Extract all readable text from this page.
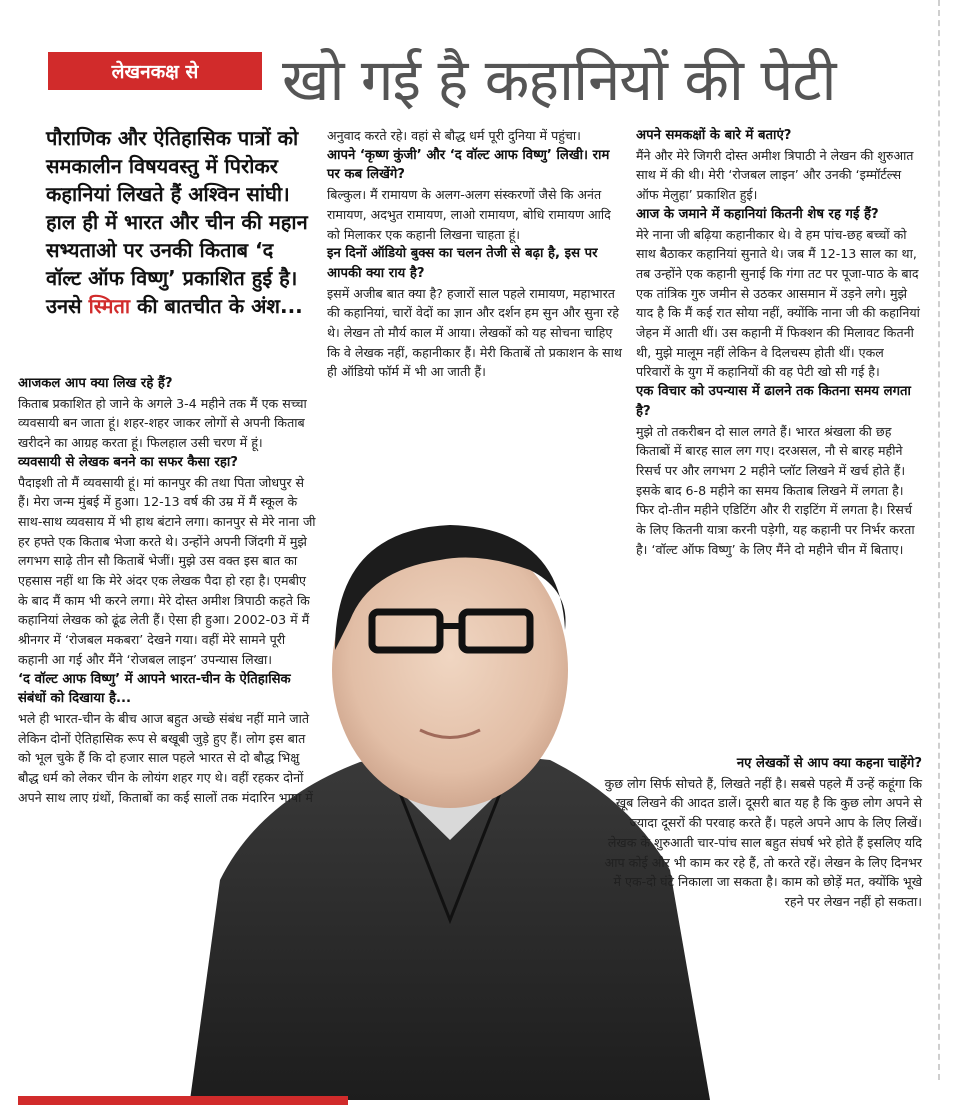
लेखनकक्ष से	खो गई है कहानियों की पेटी
पौराणिक और ऐतिहासिक पात्रों को समकालीन विषयवस्तु में पिरोकर कहानियां लिखते हैं अश्विन सांघी। हाल ही में भारत और चीन की महान सभ्यताओ पर उनकी किताब ‘द वॉल्ट ऑफ विष्णु’ प्रकाशित हुई है। उनसे स्मिता की बातचीत के अंश...

आजकल आप क्या लिख रहे हैं?

किताब प्रकाशित हो जाने के अगले 3-4 महीने तक मैं एक सच्चा व्यवसायी बन जाता हूं। शहर-शहर जाकर लोगों से अपनी किताब खरीदने का आग्रह करता हूं। फिलहाल उसी चरण में हूं।

व्यवसायी से लेखक बनने का सफर कैसा रहा?

पैदाइशी तो मैं व्यवसायी हूं। मां कानपुर की तथा पिता जोधपुर से हैं। मेरा जन्म मुंबई में हुआ। 12-13 वर्ष की उम्र में मैं स्कूल के साथ-साथ व्यवसाय में भी हाथ बंटाने लगा। कानपुर से मेरे नाना जी हर हफ्ते एक किताब भेजा करते थे। उन्होंने अपनी जिंदगी में मुझे लगभग साढ़े तीन सौ किताबें भेजीं। मुझे उस वक्त इस बात का एहसास नहीं था कि मेरे अंदर एक लेखक पैदा हो रहा है। एमबीए के बाद मैं काम भी करने लगा। मेरे दोस्त अमीश त्रिपाठी कहते कि कहानियां लेखक को ढूंढ लेती हैं। ऐसा ही हुआ। 2002-03 में मैं श्रीनगर में ‘रोजबल मकबरा’ देखने गया। वहीं मेरे सामने पूरी कहानी आ गई और मैंने ‘रोजबल लाइन’ उपन्यास लिखा।

‘द वॉल्ट आफ विष्णु’ में आपने भारत-चीन के ऐतिहासिक संबंधों को दिखाया है...

भले ही भारत-चीन के बीच आज बहुत अच्छे संबंध नहीं माने जाते लेकिन दोनों ऐतिहासिक रूप से बखूबी जुड़े हुए हैं। लोग इस बात को भूल चुके हैं कि दो हजार साल पहले भारत से दो बौद्ध भिक्षु बौद्ध धर्म को लेकर चीन के लोयंग शहर गए थे। वहीं रहकर दोनों अपने साथ लाए ग्रंथों, किताबों का कई सालों तक मंदारिन भाषा में

अनुवाद करते रहे। वहां से बौद्ध धर्म पूरी दुनिया में पहुंचा।

आपने ‘कृष्ण कुंजी’ और ‘द वॉल्ट आफ विष्णु’ लिखी। राम पर कब लिखेंगे?

बिल्कुल। मैं रामायण के अलग-अलग संस्करणों जैसे कि अनंत रामायण, अदभुत रामायण, लाओ रामायण, बोधि रामायण आदि को मिलाकर एक कहानी लिखना चाहता हूं।

इन दिनों ऑडियो बुक्स का चलन तेजी से बढ़ा है, इस पर आपकी क्या राय है?

इसमें अजीब बात क्या है? हजारों साल पहले रामायण, महाभारत की कहानियां, चारों वेदों का ज्ञान और दर्शन हम सुन और सुना रहे थे। लेखन तो मौर्य काल में आया। लेखकों को यह सोचना चाहिए कि वे लेखक नहीं, कहानीकार हैं। मेरी किताबें तो प्रकाशन के साथ ही ऑडियो फॉर्म में भी आ जाती हैं।

अपने समकक्षों के बारे में बताएं?

मैंने और मेरे जिगरी दोस्त अमीश त्रिपाठी ने लेखन की शुरुआत साथ में की थी। मेरी ‘रोजबल लाइन’ और उनकी ‘इम्मॉर्टल्स ऑफ मेलुहा’ प्रकाशित हुई।

आज के जमाने में कहानियां कितनी शेष रह गई हैं?

मेरे नाना जी बढ़िया कहानीकार थे। वे हम पांच-छह बच्चों को साथ बैठाकर कहानियां सुनाते थे। जब मैं 12-13 साल का था, तब उन्होंने एक कहानी सुनाई कि गंगा तट पर पूजा-पाठ के बाद एक तांत्रिक गुरु जमीन से उठकर आसमान में उड़ने लगे। मुझे याद है कि मैं कई रात सोया नहीं, क्योंकि नाना जी की कहानियां जेहन में आती थीं। उस कहानी में फिक्शन की मिलावट कितनी थी, मुझे मालूम नहीं लेकिन वे दिलचस्प होती थीं। एकल परिवारों के युग में कहानियों की वह पेटी खो सी गई है।

एक विचार को उपन्यास में ढालने तक कितना समय लगता है?

मुझे तो तकरीबन दो साल लगते हैं। भारत श्रंखला की छह किताबों में बारह साल लग गए। दरअसल, नौ से बारह महीने रिसर्च पर और लगभग 2 महीने प्लॉट लिखने में खर्च होते हैं। इसके बाद 6-8 महीने का समय किताब लिखने में लगता है। फिर दो-तीन महीने एडिटिंग और री राइटिंग में लगता है। रिसर्च के लिए कितनी यात्रा करनी पड़ेगी, यह कहानी पर निर्भर करता है। ‘वॉल्ट ऑफ विष्णु’ के लिए मैंने दो महीने चीन में बिताए।

नए लेखकों से आप क्या कहना चाहेंगे?

कुछ लोग सिर्फ सोचते हैं, लिखते नहीं है। सबसे पहले मैं उन्हें कहूंगा कि खूब लिखने की आदत डालें। दूसरी बात यह है कि कुछ लोग अपने से ज्यादा दूसरों की परवाह करते हैं। पहले अपने आप के लिए लिखें। लेखक के शुरुआती चार-पांच साल बहुत संघर्ष भरे होते हैं इसलिए यदि आप कोई और भी काम कर रहे हैं, तो करते रहें। लेखन के लिए दिनभर में एक-दो घंटे निकाला जा सकता है। काम को छोड़ें मत, क्योंकि भूखे रहने पर लेखन नहीं हो सकता।
